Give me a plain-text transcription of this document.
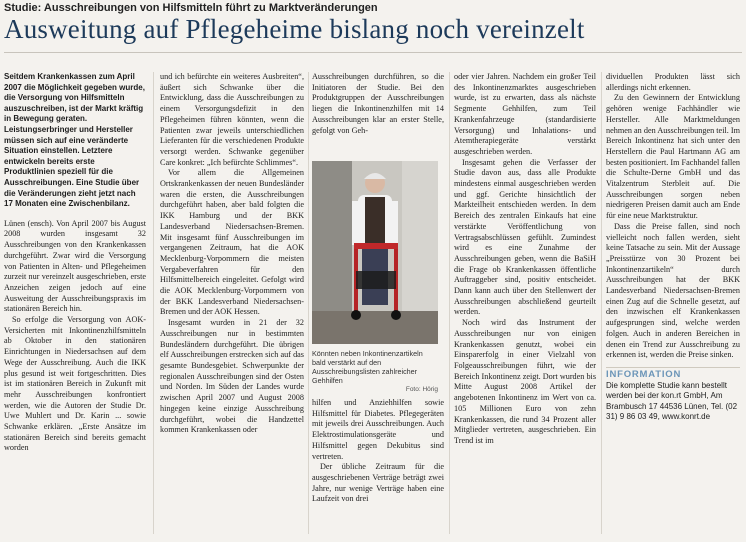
Studie: Ausschreibungen von Hilfsmitteln führt zu Marktveränderungen
Ausweitung auf Pflegeheime bislang noch vereinzelt

Seitdem Krankenkassen zum April 2007 die Möglichkeit gegeben wurde, die Versorgung von Hilfsmitteln auszuschreiben, ist der Markt kräftig in Bewegung geraten. Leistungserbringer und Hersteller müssen sich auf eine veränderte Situation einstellen. Letztere entwickeln bereits erste Produktlinien speziell für die Ausschreibungen. Eine Studie über die Veränderungen zieht jetzt nach 17 Monaten eine Zwischenbilanz.

Lünen (ensch). Von April 2007 bis August 2008 wurden insgesamt 32 Ausschreibungen von den Krankenkassen durchgeführt. Zwar wird die Versorgung von Patienten in Alten- und Pflegeheimen zurzeit nur vereinzelt ausgeschrieben, erste Anzeichen zeigen jedoch auf eine Ausweitung der Ausschreibungspraxis im stationären Bereich hin.

So erfolge die Versorgung von AOK-Versicherten mit Inkontinenzhilfsmitteln ab Oktober in den stationären Einrichtungen in Niedersachsen auf dem Wege der Ausschreibung. Auch die IKK plus gesund ist weit fortgeschritten. Dies ist im stationären Bereich in Zukunft mit mehr Ausschreibungen konfrontiert werden, wie die Autoren der Studie Dr. Uwe Muhlert und Dr. Karin ... sowie Schwanke erklären. „Erste Ansätze im stationären Bereich sind bereits gemacht worden

und ich befürchte ein weiteres Ausbreiten“, äußert sich Schwanke über die Entwicklung, dass die Ausschreibungen zu einem Versorgungsdefizit in den Pflegeheimen führen könnten, wenn die Patienten zwar jeweils unterschiedlichen Lieferanten für die verschiedenen Produkte versorgt werden. Schwanke gegenüber Care konkret: „Ich befürchte Schlimmes“.

Vor allem die Allgemeinen Ortskrankenkassen der neuen Bundesländer waren die ersten, die Ausschreibungen durchgeführt haben, aber bald folgten die IKK Hamburg und der BKK Landesverband Niedersachsen-Bremen. Mit insgesamt fünf Ausschreibungen im vergangenen Zeitraum, hat die AOK Mecklenburg-Vorpommern die meisten Vergabeverfahren für den Hilfsmittelbereich eingeleitet. Gefolgt wird die AOK Mecklenburg-Vorpommern von der BKK Landesverband Niedersachsen-Bremen und der AOK Hessen.

Insgesamt wurden in 21 der 32 Ausschreibungen nur in bestimmten Bundesländern durchgeführt. Die übrigen elf Ausschreibungen erstrecken sich auf das gesamte Bundesgebiet. Schwerpunkte der regionalen Ausschreibungen sind der Osten und Norden. Im Süden der Landes wurde zwischen April 2007 und August 2008 hingegen keine einzige Ausschreibung durchgeführt, wobei die Handzettel kommen Krankenkassen oder

Ausschreibungen durchführen, so die Initiatoren der Studie. Bei den Produktgruppen der Ausschreibungen liegen die Inkontinenzhilfen mit 14 Ausschreibungen klar an erster Stelle, gefolgt von Geh-

Könnten neben Inkontinenzartikeln bald verstärkt auf den Ausschreibungslisten zahlreicher Gehhilfen
Foto: Hörig

hilfen und Anziehhilfen sowie Hilfsmittel für Diabetes. Pflegegeräten mit jeweils drei Ausschreibungen. Auch Elektrostimulationsgeräte und Hilfsmittel gegen Dekubitus sind vertreten.

Der übliche Zeitraum für die ausgeschriebenen Verträge beträgt zwei Jahre, nur wenige Verträge haben eine Laufzeit von drei

oder vier Jahren. Nachdem ein großer Teil des Inkontinenzmarktes ausgeschrieben wurde, ist zu erwarten, dass als nächste Segmente Gehhilfen, zum Teil Krankenfahrzeuge (standardisierte Versorgung) und Inhalations- und Atemtherapiegeräte verstärkt ausgeschrieben werden.

Insgesamt gehen die Verfasser der Studie davon aus, dass alle Produkte mindestens einmal ausgeschrieben werden und ggf. Gerichte hinsichtlich der Markteilheit entschieden werden. In dem Bereich des zentralen Einkaufs hat eine verstärkte Veröffentlichung von Vertragsabschlüssen gefühlt. Zumindest wird es eine Zunahme der Ausschreibungen geben, wenn die BaSiH die Frage ob Krankenkassen öffentliche Auftraggeber sind, positiv entscheidet. Dann kann auch über den Stellenwert der Ausschreibungen abschließend geurteilt werden.

Noch wird das Instrument der Ausschreibungen nur von einigen Krankenkassen genutzt, wobei ein Einsparerfolg in einer Vielzahl von Folgeausschreibungen führt, wie der Bereich Inkontinenz zeigt. Dort wurden bis Mitte August 2008 Artikel der angebotenen Inkontinenz im Wert von ca. 105 Millionen Euro von zehn Krankenkassen, die rund 34 Prozent aller Mitglieder vertreten, ausgeschrieben. Ein Trend ist im

dividuellen Produkten lässt sich allerdings nicht erkennen.

Zu den Gewinnern der Entwicklung gehören wenige Fachhändler wie Hersteller. Alle Marktmeldungen nehmen an den Ausschreibungen teil. Im Bereich Inkontinenz hat sich unter den Herstellern die Paul Hartmann AG am besten positioniert. Im Fachhandel fallen die Schulte-Derne GmbH und das Vitalzentrum Sterbleit auf. Die Ausschreibungen sorgen neben niedrigeren Preisen damit auch am Ende für eine neue Marktstruktur.

Dass die Preise fallen, sind noch vielleicht noch fallen werden, sieht keine Tatsache zu sein. Mit der Aussage „Preisstürze von 30 Prozent bei Inkontinenzartikeln“ durch Ausschreibungen hat der BKK Landesverband Niedersachsen-Bremen einen Zug auf die Schnelle gesetzt, auf den inzwischen elf Krankenkassen aufgesprungen sind, welche werden folgen. Auch in anderen Bereichen in denen ein Trend zur Ausschreibung zu erkennen ist, werden die Preise sinken.

INFORMATION
Die komplette Studie kann bestellt werden bei der kon.rt GmbH, Am Brambusch 17 44536 Lünen, Tel. (02 31) 9 86 03 49, www.konrt.de
